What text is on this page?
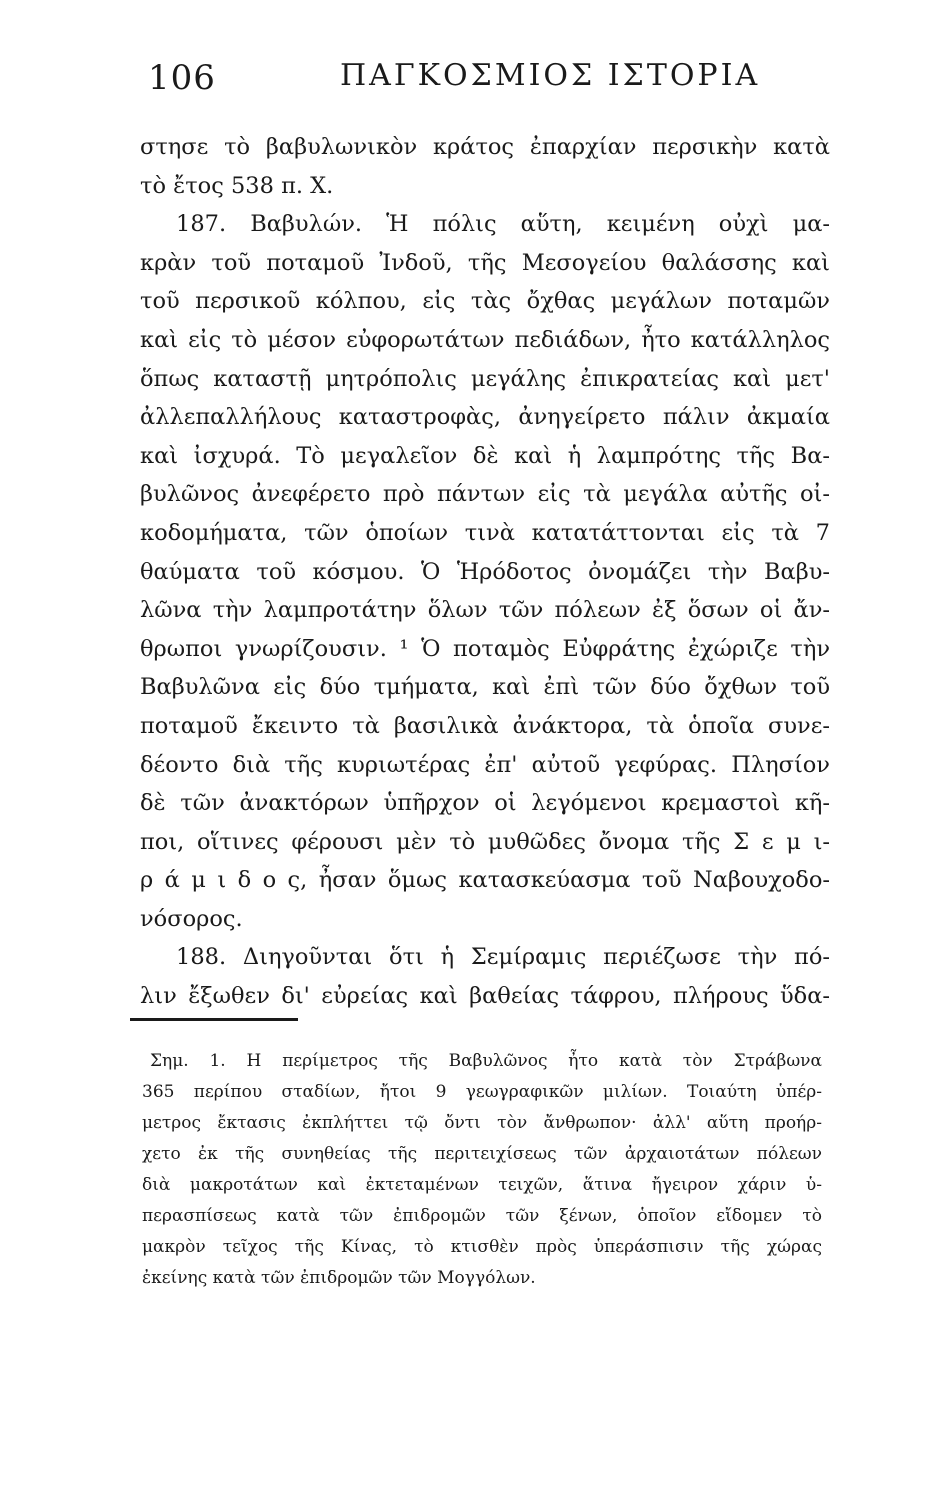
106	ΠΑΓΚΟΣΜΙΟΣ ΙΣΤΟΡΙΑ
στησε τὸ βαβυλωνικὸν κράτος ἐπαρχίαν περσικὴν κατὰ
τὸ ἔτος 538 π. Χ.
187. Βαβυλών. Ἡ πόλις αὕτη, κειμένη οὐχὶ μα-
κρὰν τοῦ ποταμοῦ Ἰνδοῦ, τῆς Μεσογείου θαλάσσης καὶ
τοῦ περσικοῦ κόλπου, εἰς τὰς ὄχθας μεγάλων ποταμῶν
καὶ εἰς τὸ μέσον εὐφορωτάτων πεδιάδων, ἦτο κατάλληλος
ὅπως καταστῇ μητρόπολις μεγάλης ἐπικρατείας καὶ μετ'
ἀλλεπαλλήλους καταστροφὰς, ἀνηγείρετο πάλιν ἀκμαία
καὶ ἰσχυρά. Τὸ μεγαλεῖον δὲ καὶ ἡ λαμπρότης τῆς Βα-
βυλῶνος ἀνεφέρετο πρὸ πάντων εἰς τὰ μεγάλα αὐτῆς οἰ-
κοδομήματα, τῶν ὁποίων τινὰ κατατάττονται εἰς τὰ 7
θαύματα τοῦ κόσμου. Ὁ Ἡρόδοτος ὀνομάζει τὴν Βαβυ-
λῶνα τὴν λαμπροτάτην ὅλων τῶν πόλεων ἐξ ὅσων οἱ ἄν-
θρωποι γνωρίζουσιν. ¹ Ὁ ποταμὸς Εὐφράτης ἐχώριζε τὴν
Βαβυλῶνα εἰς δύο τμήματα, καὶ ἐπὶ τῶν δύο ὄχθων τοῦ
ποταμοῦ ἔκειντο τὰ βασιλικὰ ἀνάκτορα, τὰ ὁποῖα συνε-
δέοντο διὰ τῆς κυριωτέρας ἐπ' αὐτοῦ γεφύρας. Πλησίον
δὲ τῶν ἀνακτόρων ὑπῆρχον οἱ λεγόμενοι κρεμαστοὶ κῆ-
ποι, οἵτινες φέρουσι μὲν τὸ μυθῶδες ὄνομα τῆς Σ ε μ ι-
ρ ά μ ι δ ο ς, ἦσαν ὅμως κατασκεύασμα τοῦ Ναβουχοδο-
νόσορος.
188. Διηγοῦνται ὅτι ἡ Σεμίραμις περιέζωσε τὴν πό-
λιν ἔξωθεν δι' εὐρείας καὶ βαθείας τάφρου, πλήρους ὕδα-
Σημ. 1. Η περίμετρος τῆς Βαβυλῶνος ἦτο κατὰ τὸν Στράβωνα
365 περίπου σταδίων, ἤτοι 9 γεωγραφικῶν μιλίων. Τοιαύτη ὑπέρ-
μετρος ἔκτασις ἐκπλήττει τῷ ὄντι τὸν ἄνθρωπον· ἀλλ' αὕτη προήρ-
χετο ἐκ τῆς συνηθείας τῆς περιτειχίσεως τῶν ἀρχαιοτάτων πόλεων
διὰ μακροτάτων καὶ ἐκτεταμένων τειχῶν, ἅτινα ἤγειρον χάριν ὑ-
περασπίσεως κατὰ τῶν ἐπιδρομῶν τῶν ξένων, ὁποῖον εἴδομεν τὸ
μακρὸν τεῖχος τῆς Κίνας, τὸ κτισθὲν πρὸς ὑπεράσπισιν τῆς χώρας
ἐκείνης κατὰ τῶν ἐπιδρομῶν τῶν Μογγόλων.
